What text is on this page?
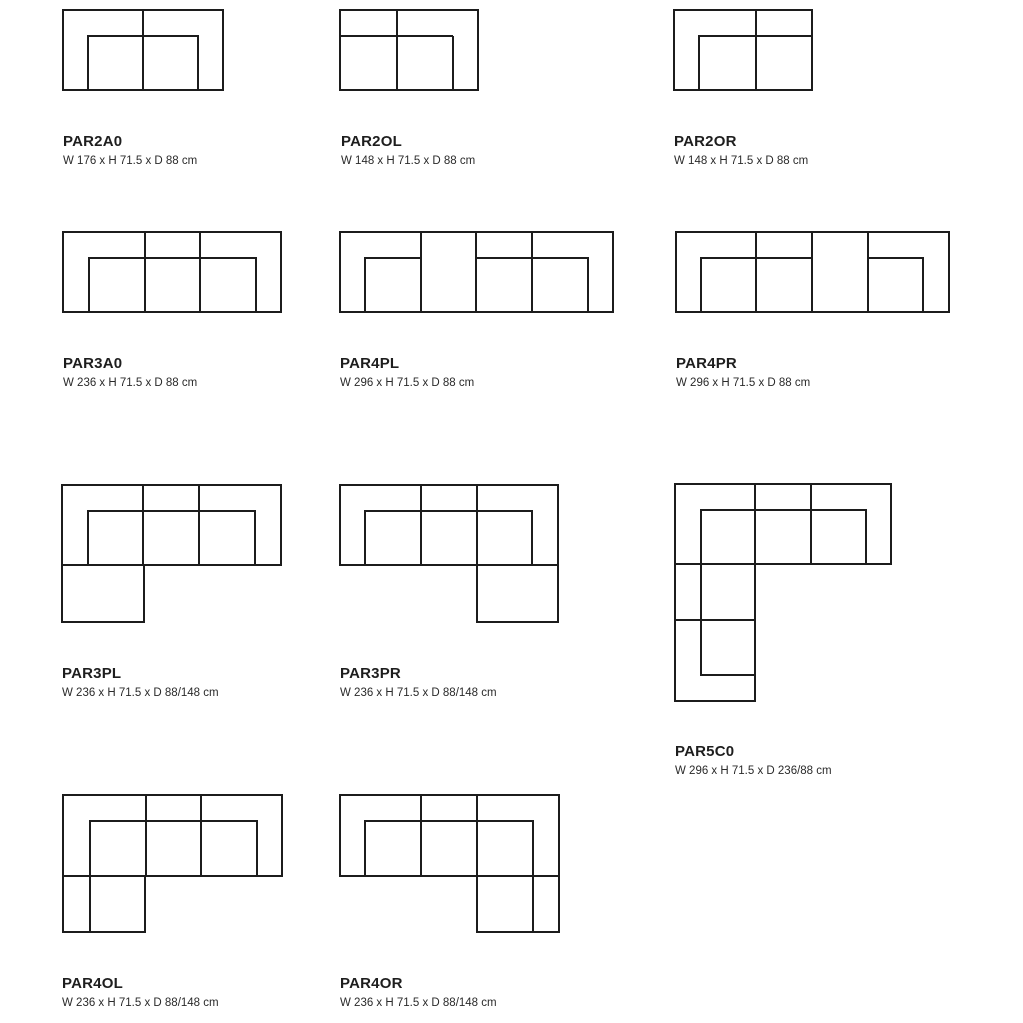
PAR2A0
W 176 x H 71.5 x D 88 cm
PAR2OL
W 148 x H 71.5 x D 88 cm
PAR2OR
W 148 x H 71.5 x D 88 cm
PAR3A0
W 236 x H 71.5 x D 88 cm
PAR4PL
W 296 x H 71.5 x D 88 cm
PAR4PR
W 296 x H 71.5 x D 88 cm
PAR3PL
W 236 x H 71.5 x D 88/148 cm
PAR3PR
W 236 x H 71.5 x D 88/148 cm
PAR5C0
W 296 x H 71.5 x D 236/88 cm
PAR4OL
W 236 x H 71.5 x D 88/148 cm
PAR4OR
W 236 x H 71.5 x D 88/148 cm
